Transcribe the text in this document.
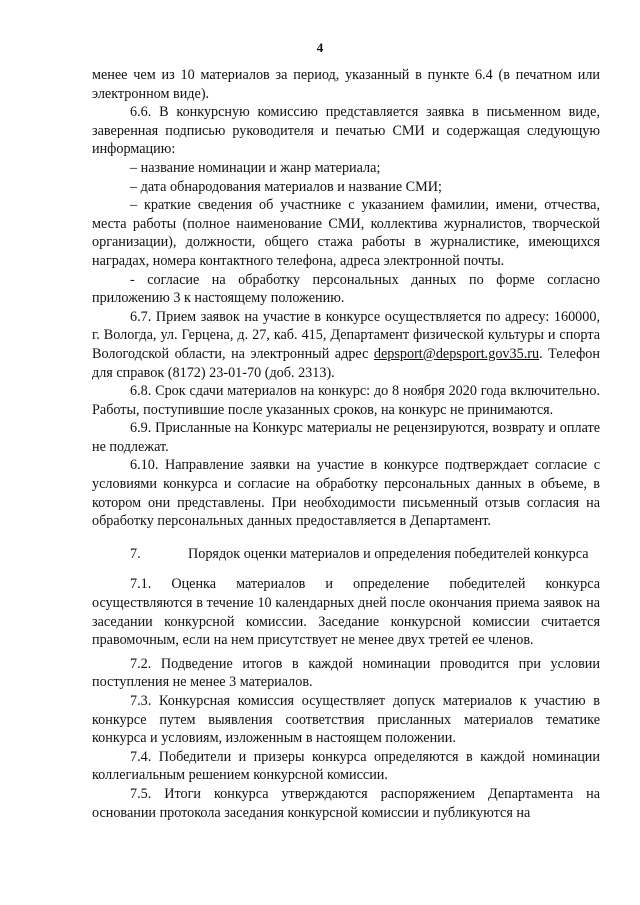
4

менее чем из 10 материалов за период, указанный в пункте 6.4 (в печатном или электронном виде).

6.6. В конкурсную комиссию представляется заявка в письменном виде, заверенная подписью руководителя и печатью СМИ и содержащая следующую информацию:

– название номинации и жанр материала;

– дата обнародования материалов и название СМИ;

– краткие сведения об участнике с указанием фамилии, имени, отчества, места работы (полное наименование СМИ, коллектива журналистов, творческой организации), должности, общего стажа работы в журналистике, имеющихся наградах, номера контактного телефона, адреса электронной почты.

- согласие на обработку персональных данных по форме согласно приложению 3 к настоящему положению.

6.7. Прием заявок на участие в конкурсе осуществляется по адресу: 160000, г. Вологда, ул. Герцена, д. 27, каб. 415, Департамент физической культуры и спорта Вологодской области, на электронный адрес depsport@depsport.gov35.ru. Телефон для справок (8172) 23-01-70 (доб. 2313).

6.8. Срок сдачи материалов на конкурс: до 8 ноября 2020 года включительно. Работы, поступившие после указанных сроков, на конкурс не принимаются.

6.9. Присланные на Конкурс материалы не рецензируются, возврату и оплате не подлежат.

6.10. Направление заявки на участие в конкурсе подтверждает согласие с условиями конкурса и согласие на обработку персональных данных в объеме, в котором они представлены. При необходимости письменный отзыв согласия на обработку персональных данных предоставляется в Департамент.

7.	Порядок оценки материалов и определения победителей конкурса

7.1. Оценка материалов и определение победителей конкурса осуществляются в течение 10 календарных дней после окончания приема заявок на заседании конкурсной комиссии. Заседание конкурсной комиссии считается правомочным, если на нем присутствует не менее двух третей ее членов.

7.2. Подведение итогов в каждой номинации проводится при условии поступления не менее 3 материалов.

7.3. Конкурсная комиссия осуществляет допуск материалов к участию в конкурсе путем выявления соответствия присланных материалов тематике конкурса и условиям, изложенным в настоящем положении.

7.4. Победители и призеры конкурса определяются в каждой номинации коллегиальным решением конкурсной комиссии.

7.5. Итоги конкурса утверждаются распоряжением Департамента на основании протокола заседания конкурсной комиссии и публикуются на
